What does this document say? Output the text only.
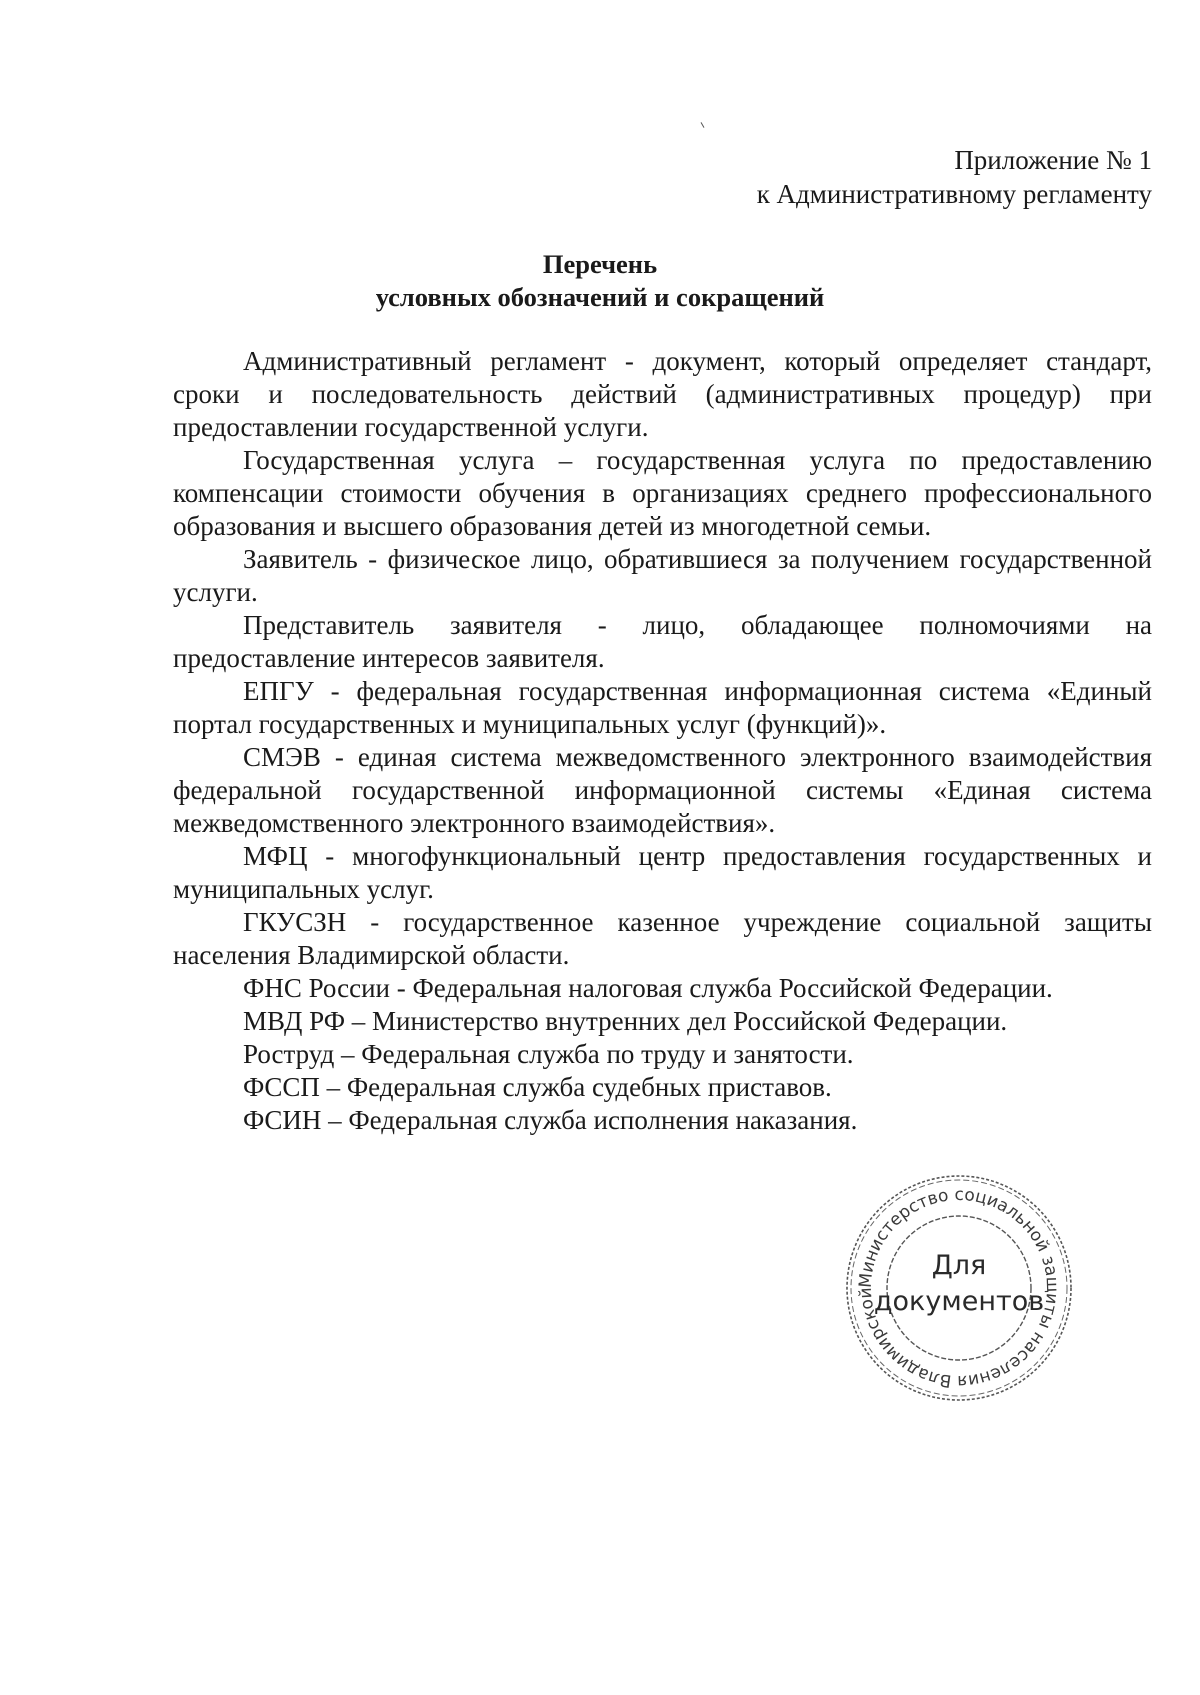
Приложение № 1
к Административному регламенту
Перечень
условных обозначений и сокращений

Административный регламент - документ, который определяет стандарт, сроки и последовательность действий (административных процедур) при предоставлении государственной услуги.

Государственная услуга – государственная услуга по предоставлению компенсации стоимости обучения в организациях среднего профессионального образования и высшего образования детей из многодетной семьи.

Заявитель - физическое лицо, обратившиеся за получением государственной услуги.

Представитель заявителя - лицо, обладающее полномочиями на предоставление интересов заявителя.

ЕПГУ - федеральная государственная информационная система «Единый портал государственных и муниципальных услуг (функций)».

СМЭВ - единая система межведомственного электронного взаимодействия федеральной государственной информационной системы «Единая система межведомственного электронного взаимодействия».

МФЦ - многофункциональный центр предоставления государственных и муниципальных услуг.

ГКУСЗН - государственное казенное учреждение социальной защиты населения Владимирской области.

ФНС России - Федеральная налоговая служба Российской Федерации.

МВД РФ – Министерство внутренних дел Российской Федерации.

Роструд – Федеральная служба по труду и занятости.

ФССП – Федеральная служба судебных приставов.

ФСИН – Федеральная служба исполнения наказания.

Министерство социальной защиты населения Владимирской
Для
документов
